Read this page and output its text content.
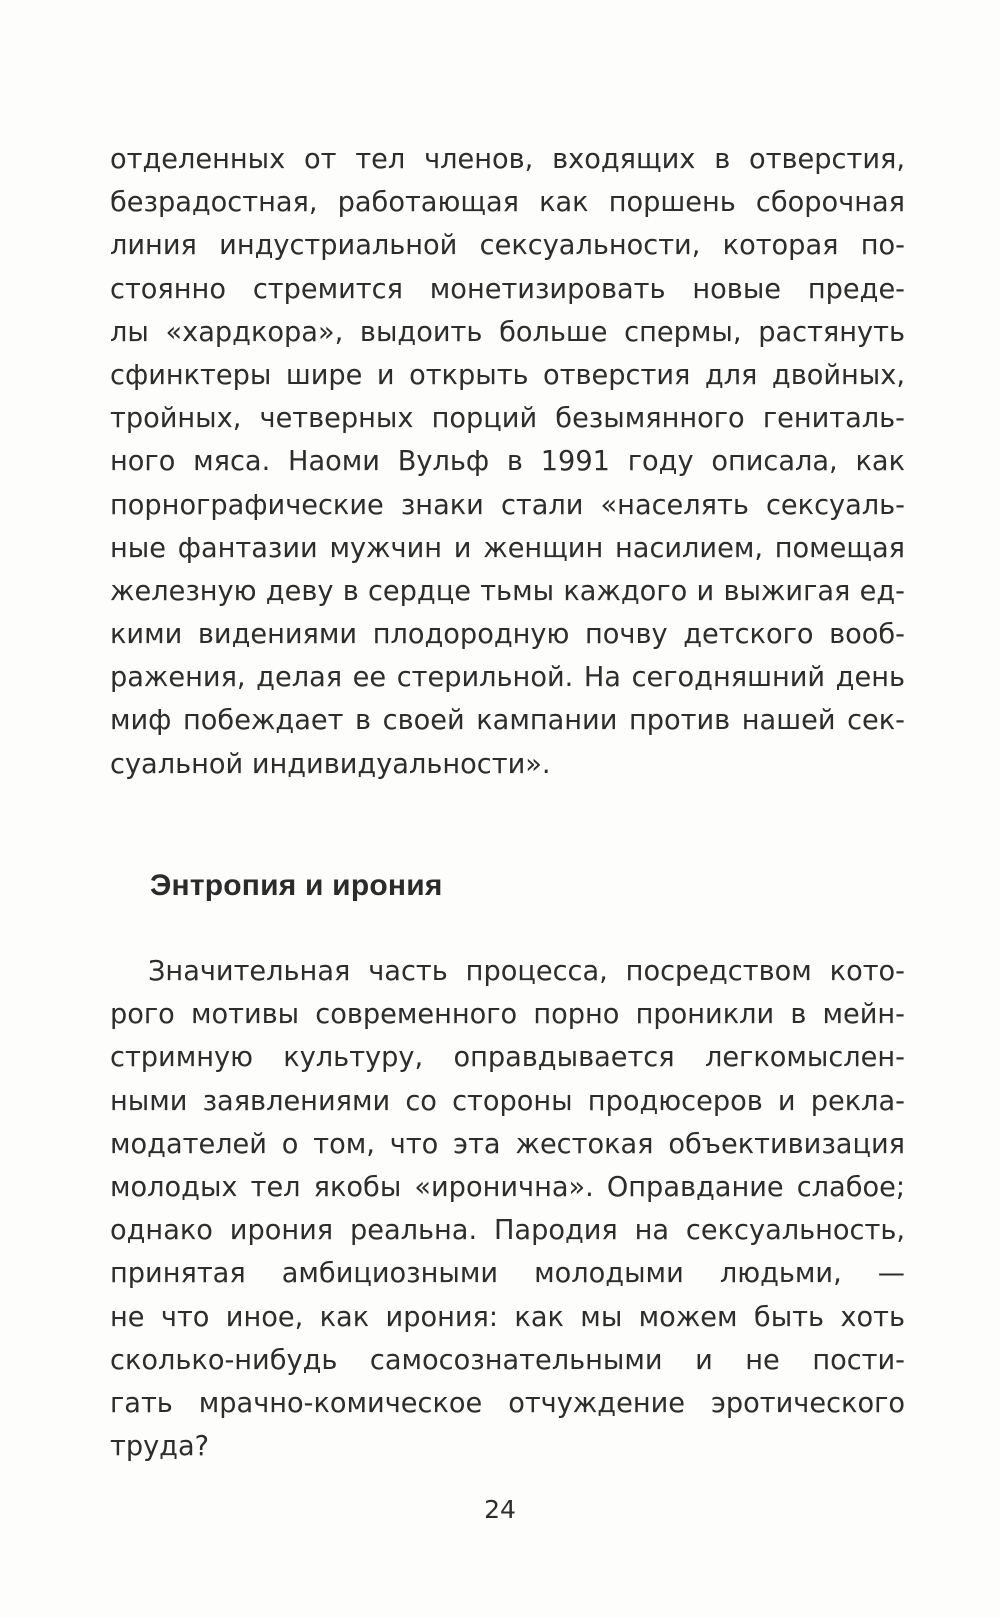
отделенных от тел членов, входящих в отверстия,
безрадостная, работающая как поршень сборочная
линия индустриальной сексуальности, которая по-
стоянно стремится монетизировать новые преде-
лы «хардкора», выдоить больше спермы, растянуть
сфинктеры шире и открыть отверстия для двойных,
тройных, четверных порций безымянного гениталь-
ного мяса. Наоми Вульф в 1991 году описала, как
порнографические знаки стали «населять сексуаль-
ные фантазии мужчин и женщин насилием, помещая
железную деву в сердце тьмы каждого и выжигая ед-
кими видениями плодородную почву детского вооб-
ражения, делая ее стерильной. На сегодняшний день
миф побеждает в своей кампании против нашей сек-
суальной индивидуальности».
Энтропия и ирония
Значительная часть процесса, посредством кото-
рого мотивы современного порно проникли в мейн-
стримную культуру, оправдывается легкомыслен-
ными заявлениями со стороны продюсеров и рекла-
модателей о том, что эта жестокая объективизация
молодых тел якобы «иронична». Оправдание слабое;
однако ирония реальна. Пародия на сексуальность,
принятая амбициозными молодыми людьми, —
не что иное, как ирония: как мы можем быть хоть
сколько-нибудь самосознательными и не пости-
гать мрачно-комическое отчуждение эротического
труда?
24
